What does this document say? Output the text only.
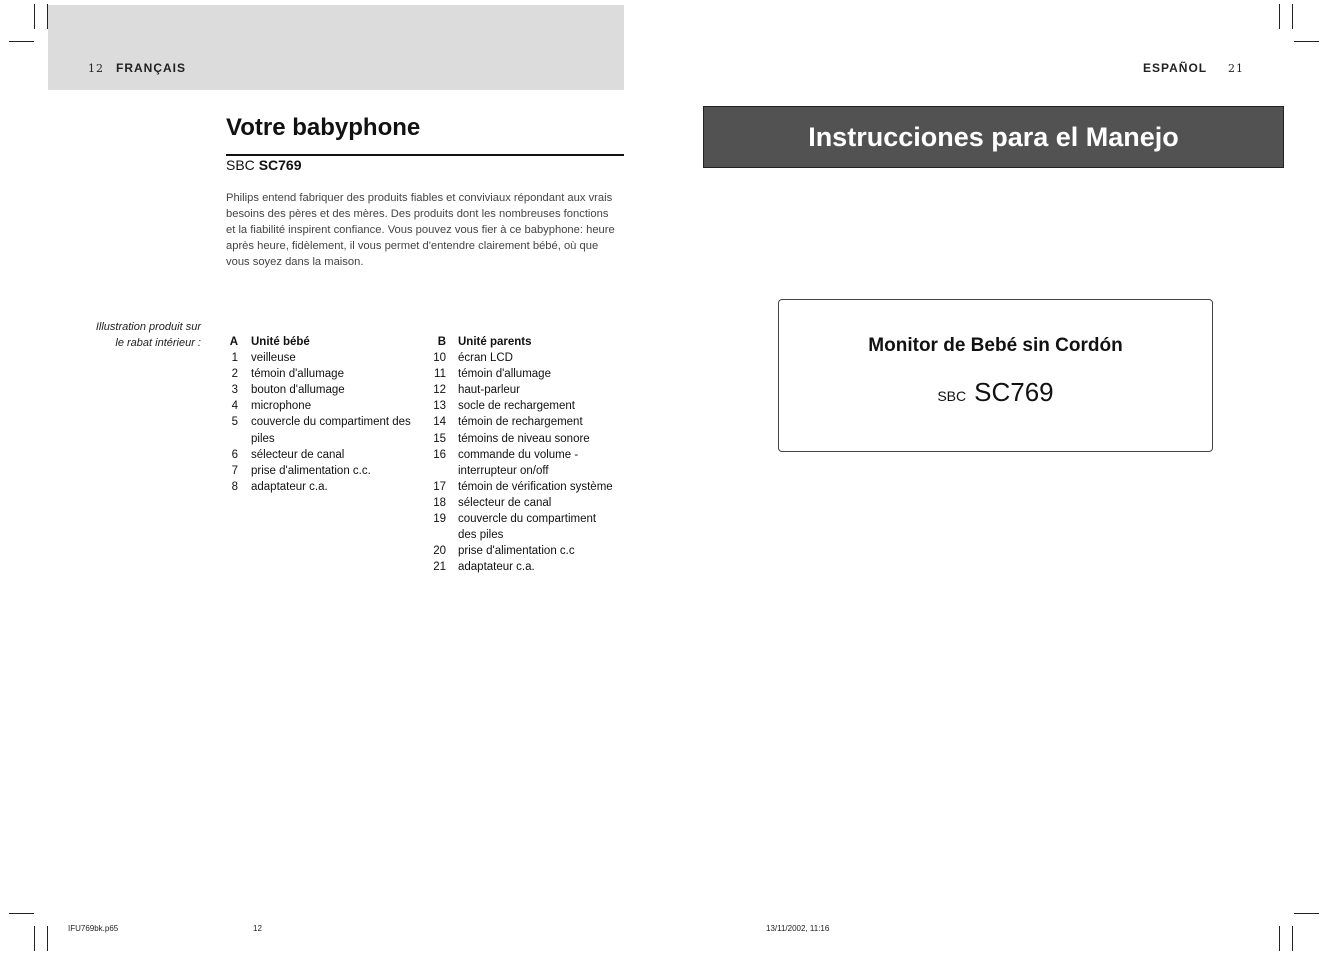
12 FRANÇAIS
Votre babyphone
SBC SC769
Philips entend fabriquer des produits fiables et conviviaux répondant aux vrais besoins des pères et des mères. Des produits dont les nombreuses fonctions et la fiabilité inspirent confiance. Vous pouvez vous fier à ce babyphone: heure après heure, fidèlement, il vous permet d'entendre clairement bébé, où que vous soyez dans la maison.
Illustration produit sur
le rabat intérieur :	A Unité bébé
1 veilleuse
2 témoin d'allumage
3 bouton d'allumage
4 microphone
5 couvercle du compartiment des piles
6 sélecteur de canal
7 prise d'alimentation c.c.
8 adaptateur c.a.
B Unité parents
10 écran LCD
11 témoin d'allumage
12 haut-parleur
13 socle de rechargement
14 témoin de rechargement
15 témoins de niveau sonore
16 commande du volume - interrupteur on/off
17 témoin de vérification système
18 sélecteur de canal
19 couvercle du compartiment des piles
20 prise d'alimentation c.c
21 adaptateur c.a.
ESPAÑOL 21
Instrucciones para el Manejo
Monitor de Bebé sin Cordón
SBC SC769
IFU769bk.p65	12	13/11/2002, 11:16
